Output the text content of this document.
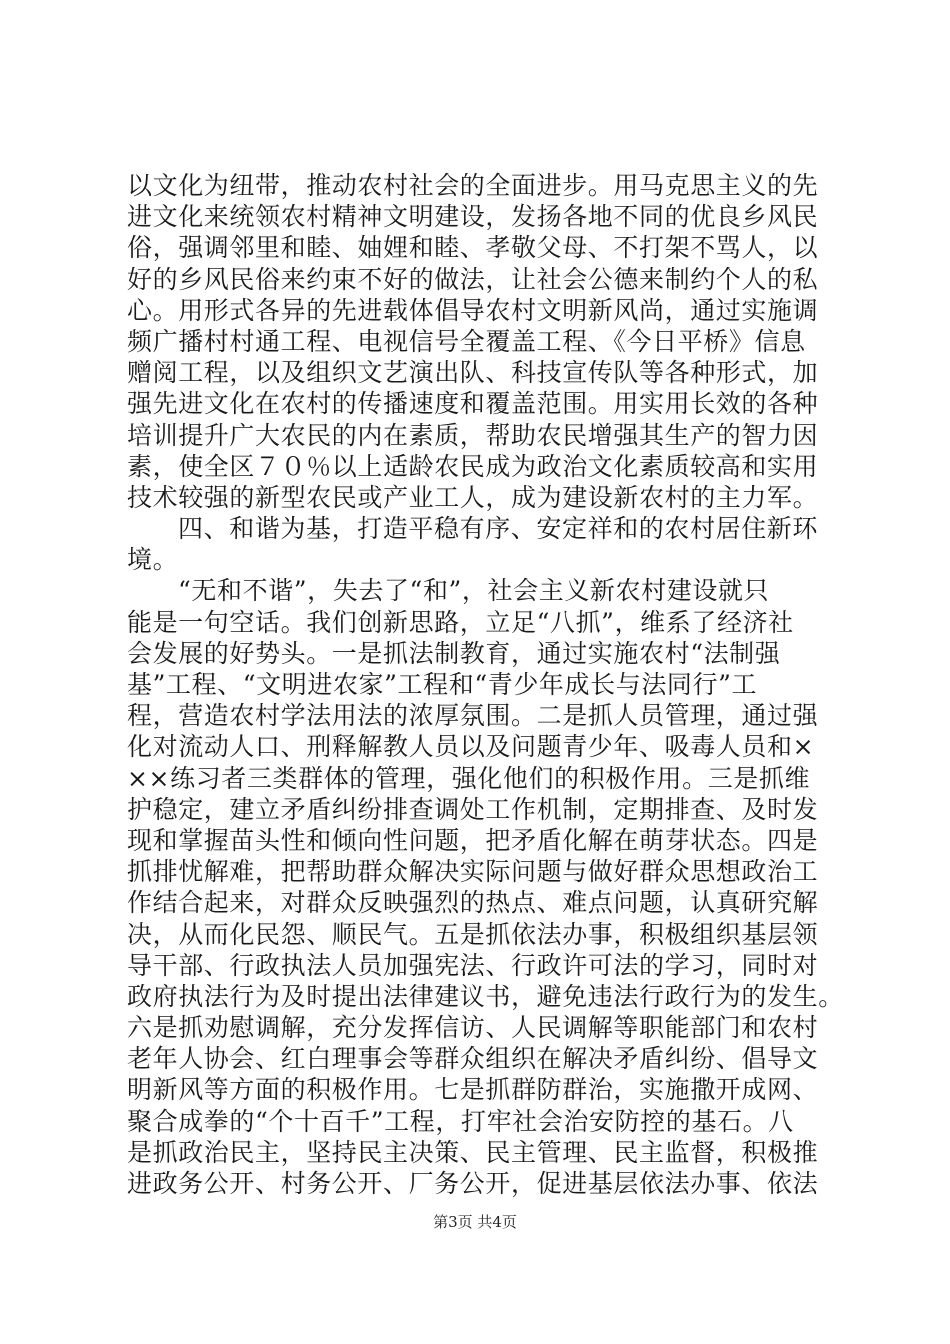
以文化为纽带，推动农村社会的全面进步。用马克思主义的先
进文化来统领农村精神文明建设，发扬各地不同的优良乡风民
俗，强调邻里和睦、妯娌和睦、孝敬父母、不打架不骂人，以
好的乡风民俗来约束不好的做法，让社会公德来制约个人的私
心。用形式各异的先进载体倡导农村文明新风尚，通过实施调
频广播村村通工程、电视信号全覆盖工程、《今日平桥》信息
赠阅工程，以及组织文艺演出队、科技宣传队等各种形式，加
强先进文化在农村的传播速度和覆盖范围。用实用长效的各种
培训提升广大农民的内在素质，帮助农民增强其生产的智力因
素，使全区７０％以上适龄农民成为政治文化素质较高和实用
技术较强的新型农民或产业工人，成为建设新农村的主力军。
四、和谐为基，打造平稳有序、安定祥和的农村居住新环
境。
“无和不谐”，失去了“和”，社会主义新农村建设就只
能是一句空话。我们创新思路，立足“八抓”，维系了经济社
会发展的好势头。一是抓法制教育，通过实施农村“法制强
基”工程、“文明进农家”工程和“青少年成长与法同行”工
程，营造农村学法用法的浓厚氛围。二是抓人员管理，通过强
化对流动人口、刑释解教人员以及问题青少年、吸毒人员和×
××练习者三类群体的管理，强化他们的积极作用。三是抓维
护稳定，建立矛盾纠纷排查调处工作机制，定期排查、及时发
现和掌握苗头性和倾向性问题，把矛盾化解在萌芽状态。四是
抓排忧解难，把帮助群众解决实际问题与做好群众思想政治工
作结合起来，对群众反映强烈的热点、难点问题，认真研究解
决，从而化民怨、顺民气。五是抓依法办事，积极组织基层领
导干部、行政执法人员加强宪法、行政许可法的学习，同时对
政府执法行为及时提出法律建议书，避免违法行政行为的发生。
六是抓劝慰调解，充分发挥信访、人民调解等职能部门和农村
老年人协会、红白理事会等群众组织在解决矛盾纠纷、倡导文
明新风等方面的积极作用。七是抓群防群治，实施撒开成网、
聚合成拳的“个十百千”工程，打牢社会治安防控的基石。八
是抓政治民主，坚持民主决策、民主管理、民主监督，积极推
进政务公开、村务公开、厂务公开，促进基层依法办事、依法
第3页 共4页
